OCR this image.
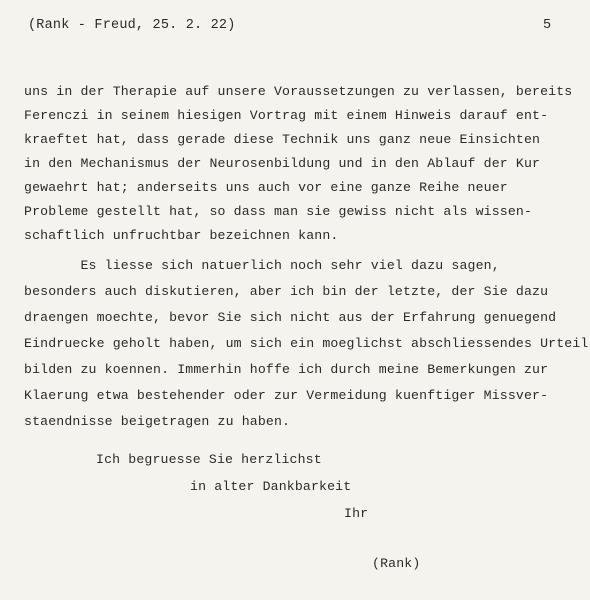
(Rank - Freud, 25. 2. 22)	5
uns in der Therapie auf unsere Voraussetzungen zu verlassen, bereits
Ferenczi in seinem hiesigen Vortrag mit einem Hinweis darauf ent-
kraeftet hat, dass gerade diese Technik uns ganz neue Einsichten
in den Mechanismus der Neurosenbildung und in den Ablauf der Kur
gewaehrt hat; anderseits uns auch vor eine ganze Reihe neuer
Probleme gestellt hat, so dass man sie gewiss nicht als wissen-
schaftlich unfruchtbar bezeichnen kann.
Es liesse sich natuerlich noch sehr viel dazu sagen,
besonders auch diskutieren, aber ich bin der letzte, der Sie dazu
draengen moechte, bevor Sie sich nicht aus der Erfahrung genuegend
Eindruecke geholt haben, um sich ein moeglichst abschliessendes Urteil
bilden zu koennen. Immerhin hoffe ich durch meine Bemerkungen zur
Klaerung etwa bestehender oder zur Vermeidung kuenftiger Missver-
staendnisse beigetragen zu haben.
Ich begruesse Sie herzlichst
in alter Dankbarkeit
Ihr
(Rank)
